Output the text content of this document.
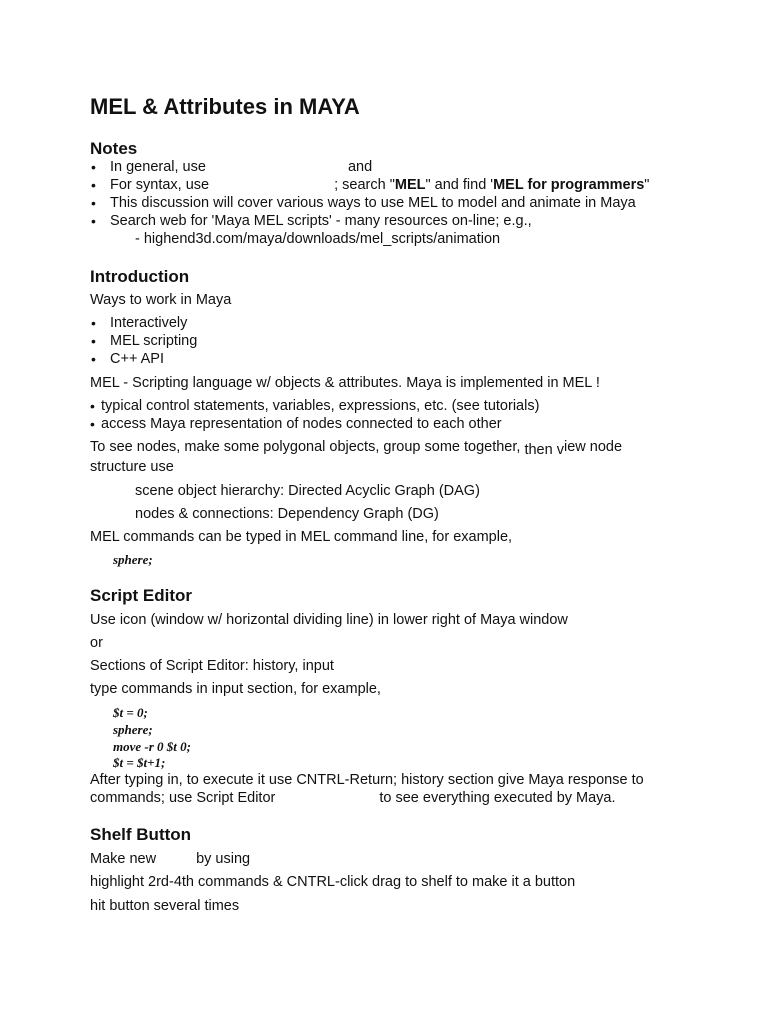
MEL & Attributes in MAYA
Notes
• In general, use	and
• For syntax, use	; search "MEL" and find 'MEL for programmers"
• This discussion will cover various ways to use MEL to model and animate in Maya
• Search web for 'Maya MEL scripts' - many resources on-line; e.g.,
- highend3d.com/maya/downloads/mel_scripts/animation
Introduction
Ways to work in Maya
• Interactively
• MEL scripting
• C++ API
MEL - Scripting language w/ objects & attributes. Maya is implemented in MEL !
• typical control statements, variables, expressions, etc. (see tutorials)
• access Maya representation of nodes connected to each other
To see nodes, make some polygonal objects, group some together, then view node
structure use
scene object hierarchy: Directed Acyclic Graph (DAG)
nodes & connections: Dependency Graph (DG)
MEL commands can be typed in MEL command line, for example,
sphere;
Script Editor
Use icon (window w/ horizontal dividing line) in lower right of Maya window
or
Sections of Script Editor: history, input
type commands in input section, for example,
$t = 0;
sphere;
move -r 0 $t 0;
$t = $t+1;
After typing in, to execute it use CNTRL-Return; history section give Maya response to
commands; use Script Editor	to see everything executed by Maya.
Shelf Button
Make new	by using
highlight 2rd-4th commands & CNTRL-click drag to shelf to make it a button
hit button several times
